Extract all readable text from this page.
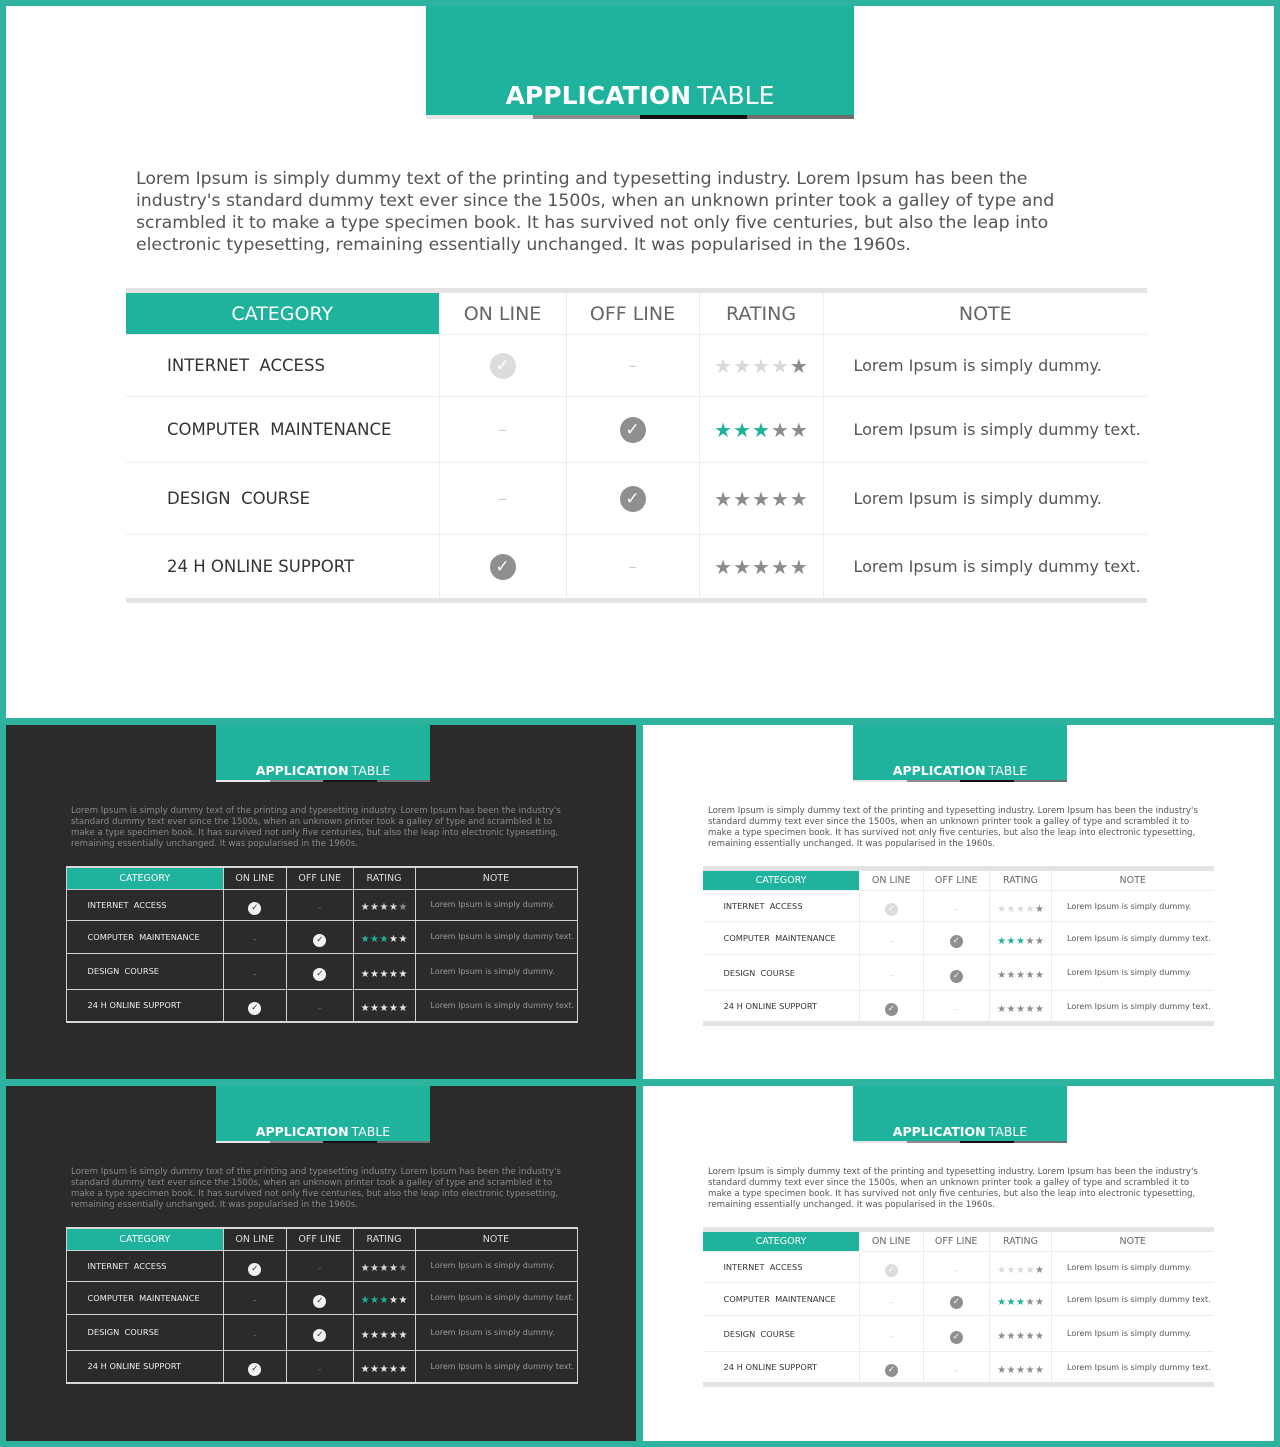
APPLICATION TABLE

Lorem Ipsum is simply dummy text of the printing and typesetting industry. Lorem Ipsum has been the industry's standard dummy text ever since the 1500s, when an unknown printer took a galley of type and scrambled it to make a type specimen book. It has survived not only five centuries, but also the leap into electronic typesetting, remaining essentially unchanged. It was popularised in the 1960s.

CATEGORY	ON LINE	OFF LINE	RATING	NOTE
INTERNET  ACCESS	✓	–	★★★★★	Lorem Ipsum is simply dummy.
COMPUTER  MAINTENANCE	–	✓	★★★★★	Lorem Ipsum is simply dummy text.
DESIGN  COURSE	–	✓	★★★★★	Lorem Ipsum is simply dummy.
24 H ONLINE SUPPORT	✓	–	★★★★★	Lorem Ipsum is simply dummy text.
APPLICATION TABLE

Lorem Ipsum is simply dummy text of the printing and typesetting industry. Lorem Ipsum has been the industry's standard dummy text ever since the 1500s, when an unknown printer took a galley of type and scrambled it to make a type specimen book. It has survived not only five centuries, but also the leap into electronic typesetting, remaining essentially unchanged. It was popularised in the 1960s.

CATEGORY	ON LINE	OFF LINE	RATING	NOTE
INTERNET  ACCESS	✓	–	★★★★★	Lorem Ipsum is simply dummy.
COMPUTER  MAINTENANCE	–	✓	★★★★★	Lorem Ipsum is simply dummy text.
DESIGN  COURSE	–	✓	★★★★★	Lorem Ipsum is simply dummy.
24 H ONLINE SUPPORT	✓	–	★★★★★	Lorem Ipsum is simply dummy text.
APPLICATION TABLE

Lorem Ipsum is simply dummy text of the printing and typesetting industry. Lorem Ipsum has been the industry's standard dummy text ever since the 1500s, when an unknown printer took a galley of type and scrambled it to make a type specimen book. It has survived not only five centuries, but also the leap into electronic typesetting, remaining essentially unchanged. It was popularised in the 1960s.

CATEGORY	ON LINE	OFF LINE	RATING	NOTE
INTERNET  ACCESS	✓	–	★★★★★	Lorem Ipsum is simply dummy.
COMPUTER  MAINTENANCE	–	✓	★★★★★	Lorem Ipsum is simply dummy text.
DESIGN  COURSE	–	✓	★★★★★	Lorem Ipsum is simply dummy.
24 H ONLINE SUPPORT	✓	–	★★★★★	Lorem Ipsum is simply dummy text.
APPLICATION TABLE

Lorem Ipsum is simply dummy text of the printing and typesetting industry. Lorem Ipsum has been the industry's standard dummy text ever since the 1500s, when an unknown printer took a galley of type and scrambled it to make a type specimen book. It has survived not only five centuries, but also the leap into electronic typesetting, remaining essentially unchanged. It was popularised in the 1960s.

CATEGORY	ON LINE	OFF LINE	RATING	NOTE
INTERNET  ACCESS	✓	–	★★★★★	Lorem Ipsum is simply dummy.
COMPUTER  MAINTENANCE	–	✓	★★★★★	Lorem Ipsum is simply dummy text.
DESIGN  COURSE	–	✓	★★★★★	Lorem Ipsum is simply dummy.
24 H ONLINE SUPPORT	✓	–	★★★★★	Lorem Ipsum is simply dummy text.
APPLICATION TABLE

Lorem Ipsum is simply dummy text of the printing and typesetting industry. Lorem Ipsum has been the industry's standard dummy text ever since the 1500s, when an unknown printer took a galley of type and scrambled it to make a type specimen book. It has survived not only five centuries, but also the leap into electronic typesetting, remaining essentially unchanged. It was popularised in the 1960s.

CATEGORY	ON LINE	OFF LINE	RATING	NOTE
INTERNET  ACCESS	✓	–	★★★★★	Lorem Ipsum is simply dummy.
COMPUTER  MAINTENANCE	–	✓	★★★★★	Lorem Ipsum is simply dummy text.
DESIGN  COURSE	–	✓	★★★★★	Lorem Ipsum is simply dummy.
24 H ONLINE SUPPORT	✓	–	★★★★★	Lorem Ipsum is simply dummy text.
